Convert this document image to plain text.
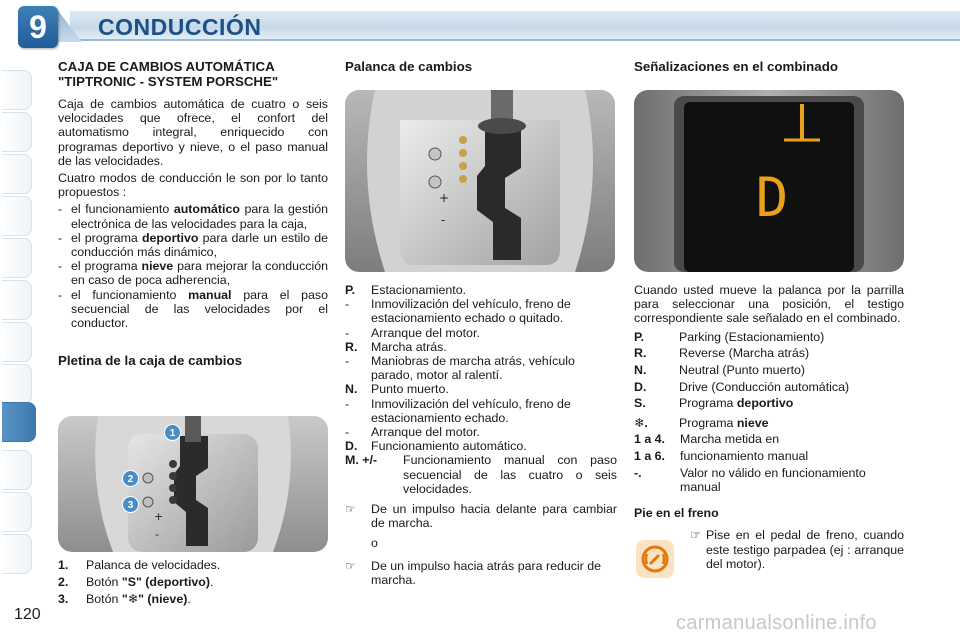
9	CONDUCCIÓN
120
CAJA DE CAMBIOS AUTOMÁTICA "TIPTRONIC - SYSTEM PORSCHE"

Caja de cambios automática de cuatro o seis velocidades que ofrece, el confort del automatismo integral, enriquecido con programas deportivo y nieve, o el paso manual de las velocidades.

Cuatro modos de conducción le son por lo tanto propuestos :

- el funcionamiento automático para la gestión electrónica de las velocidades para la caja,
- el programa deportivo para darle un estilo de conducción más dinámico,
- el programa nieve para mejorar la conducción en caso de poca adherencia,
- el funcionamiento manual para el paso secuencial de las velocidades por el conductor.
Pletina de la caja de cambios
+
-
1
2
3
1.	Palanca de velocidades.
2.	Botón "S" (deportivo).
3.	Botón "❄" (nieve).
Palanca de cambios
+
-
P.	Estacionamiento.
-	Inmovilización del vehículo, freno de estacionamiento echado o quitado.
-	Arranque del motor.
R.	Marcha atrás.
-	Maniobras de marcha atrás, vehículo parado, motor al ralentí.
N.	Punto muerto.
-	Inmovilización del vehículo, freno de estacionamiento echado.
-	Arranque del motor.
D.	Funcionamiento automático.
M. +/-	Funcionamiento manual con paso secuencial de las cuatro o seis velocidades.
☞	De un impulso hacia delante para cambiar de marcha.
o
☞	De un impulso hacia atrás para reducir de marcha.
Señalizaciones en el combinado
D

Cuando usted mueve la palanca por la parrilla para seleccionar una posición, el testigo correspondiente sale señalado en el combinado.

P.	Parking (Estacionamiento)
R.	Reverse (Marcha atrás)
N.	Neutral (Punto muerto)
D.	Drive (Conducción automática)
S.	Programa deportivo
❄.	Programa nieve
1 a 4.	Marcha metida en
1 a 6.	funcionamiento manual
-.	Valor no válido en funcionamiento manual
Pie en el freno
☞ Pise en el pedal de freno, cuando este testigo parpadea (ej : arranque del motor).
carmanualsonline.info
